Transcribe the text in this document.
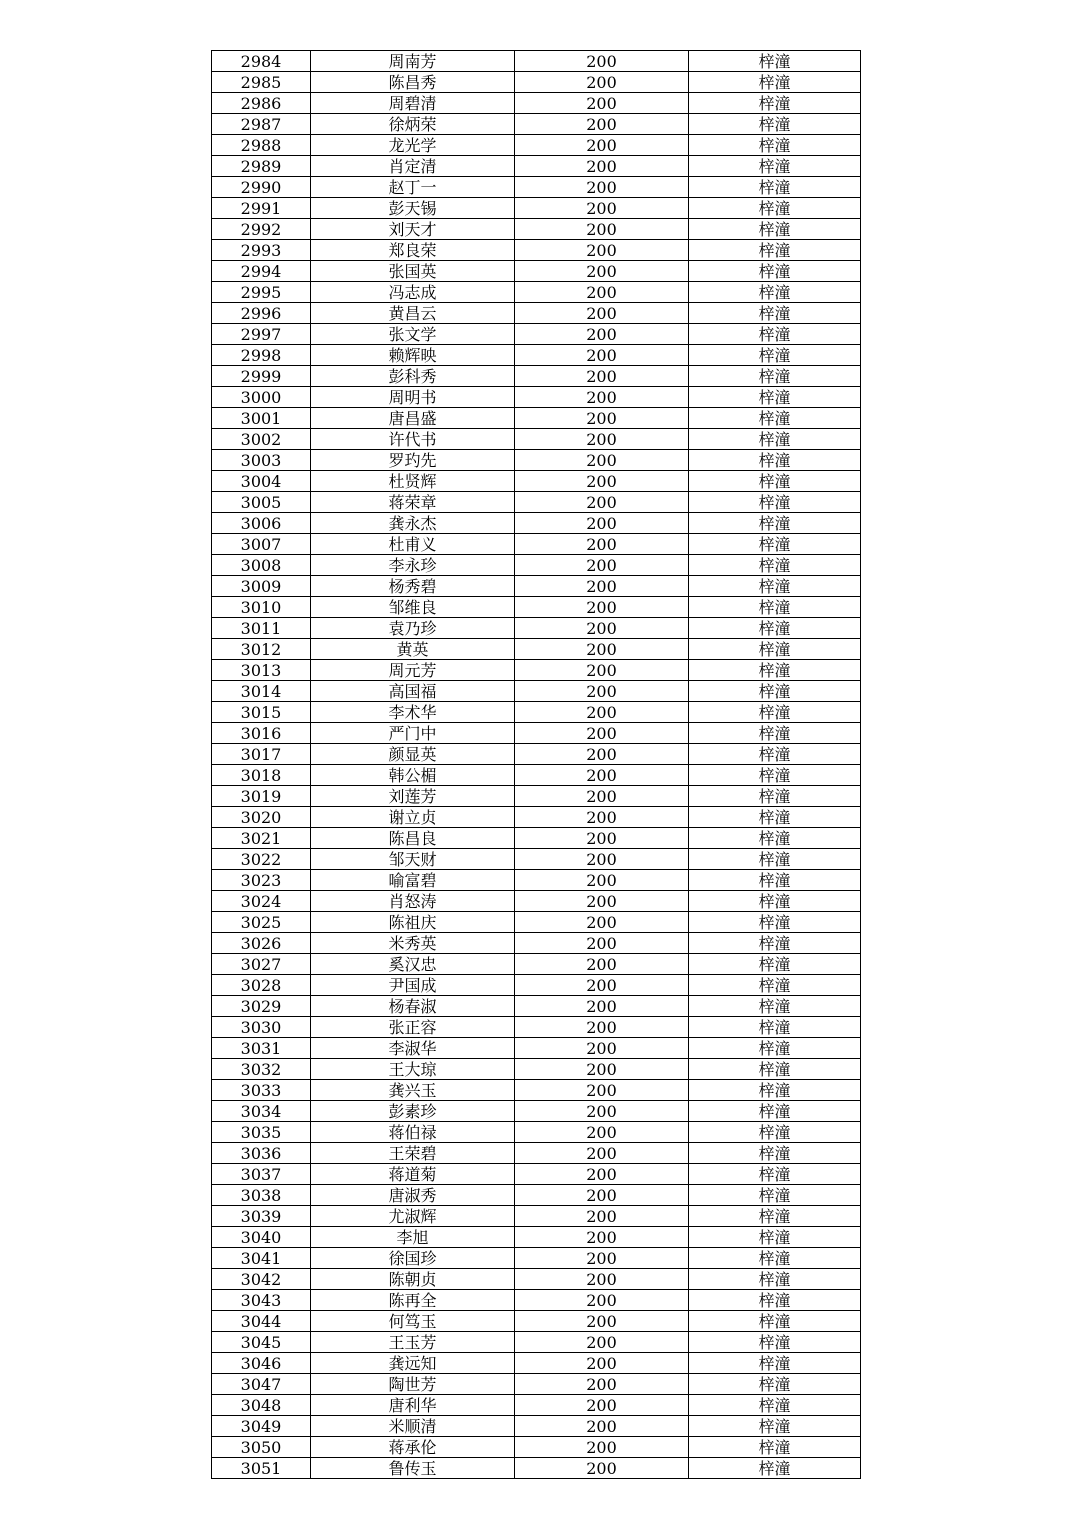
2984	周南芳	200	梓潼
2985	陈昌秀	200	梓潼
2986	周碧清	200	梓潼
2987	徐炳荣	200	梓潼
2988	龙光学	200	梓潼
2989	肖定清	200	梓潼
2990	赵丁一	200	梓潼
2991	彭天锡	200	梓潼
2992	刘天才	200	梓潼
2993	郑良荣	200	梓潼
2994	张国英	200	梓潼
2995	冯志成	200	梓潼
2996	黄昌云	200	梓潼
2997	张文学	200	梓潼
2998	赖辉映	200	梓潼
2999	彭科秀	200	梓潼
3000	周明书	200	梓潼
3001	唐昌盛	200	梓潼
3002	许代书	200	梓潼
3003	罗玓先	200	梓潼
3004	杜贤辉	200	梓潼
3005	蒋荣章	200	梓潼
3006	龚永杰	200	梓潼
3007	杜甫义	200	梓潼
3008	李永珍	200	梓潼
3009	杨秀碧	200	梓潼
3010	邹维良	200	梓潼
3011	袁乃珍	200	梓潼
3012	黄英	200	梓潼
3013	周元芳	200	梓潼
3014	高国福	200	梓潼
3015	李术华	200	梓潼
3016	严门中	200	梓潼
3017	颜显英	200	梓潼
3018	韩公楣	200	梓潼
3019	刘莲芳	200	梓潼
3020	谢立贞	200	梓潼
3021	陈昌良	200	梓潼
3022	邹天财	200	梓潼
3023	喻富碧	200	梓潼
3024	肖怒涛	200	梓潼
3025	陈祖庆	200	梓潼
3026	米秀英	200	梓潼
3027	奚汉忠	200	梓潼
3028	尹国成	200	梓潼
3029	杨春淑	200	梓潼
3030	张正容	200	梓潼
3031	李淑华	200	梓潼
3032	王大琼	200	梓潼
3033	龚兴玉	200	梓潼
3034	彭素珍	200	梓潼
3035	蒋伯禄	200	梓潼
3036	王荣碧	200	梓潼
3037	蒋道菊	200	梓潼
3038	唐淑秀	200	梓潼
3039	尤淑辉	200	梓潼
3040	李旭	200	梓潼
3041	徐国珍	200	梓潼
3042	陈朝贞	200	梓潼
3043	陈再全	200	梓潼
3044	何笃玉	200	梓潼
3045	王玉芳	200	梓潼
3046	龚远知	200	梓潼
3047	陶世芳	200	梓潼
3048	唐利华	200	梓潼
3049	米顺清	200	梓潼
3050	蒋承伦	200	梓潼
3051	鲁传玉	200	梓潼
